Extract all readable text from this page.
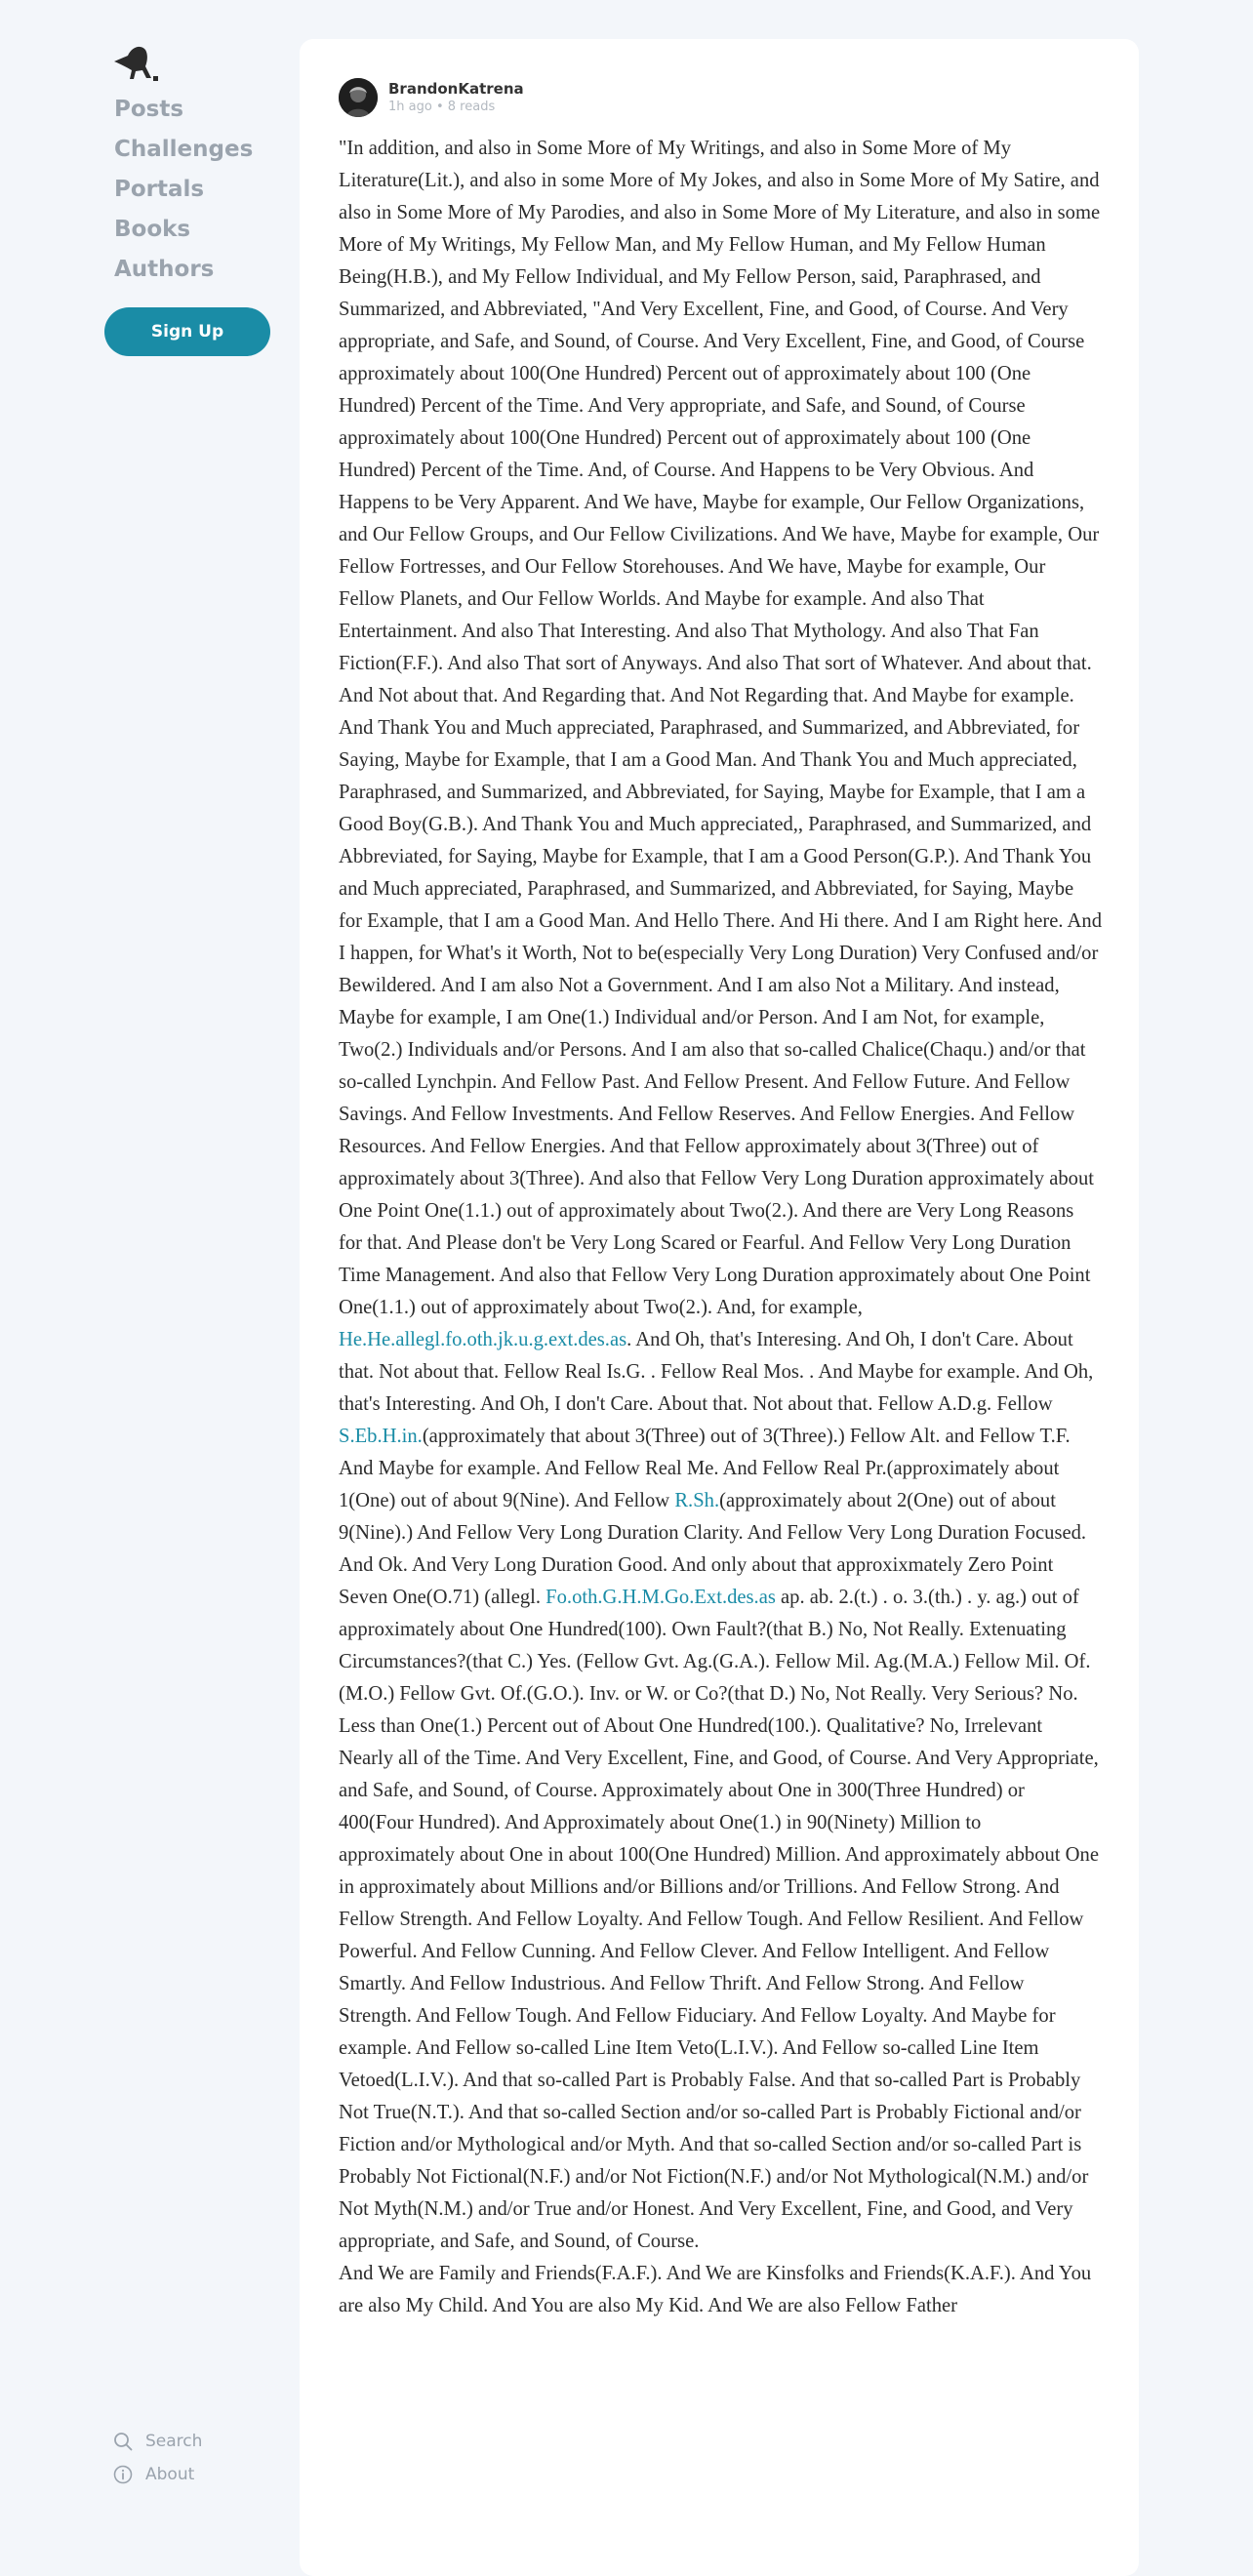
Posts
Challenges
Portals
Books
Authors
Sign Up
Search
About
BrandonKatrena
1h ago • 8 reads

"In addition, and also in Some More of My Writings, and also in Some More of My Literature(Lit.), and also in some More of My Jokes, and also in Some More of My Satire, and also in Some More of My Parodies, and also in Some More of My Literature, and also in some More of My Writings, My Fellow Man, and My Fellow Human, and My Fellow Human Being(H.B.), and My Fellow Individual, and My Fellow Person, said, Paraphrased, and Summarized, and Abbreviated, "And Very Excellent, Fine, and Good, of Course. And Very appropriate, and Safe, and Sound, of Course. And Very Excellent, Fine, and Good, of Course approximately about 100(One Hundred) Percent out of approximately about 100 (One Hundred) Percent of the Time. And Very appropriate, and Safe, and Sound, of Course approximately about 100(One Hundred) Percent out of approximately about 100 (One Hundred) Percent of the Time. And, of Course. And Happens to be Very Obvious. And Happens to be Very Apparent. And We have, Maybe for example, Our Fellow Organizations, and Our Fellow Groups, and Our Fellow Civilizations. And We have, Maybe for example, Our Fellow Fortresses, and Our Fellow Storehouses. And We have, Maybe for example, Our Fellow Planets, and Our Fellow Worlds. And Maybe for example. And also That Entertainment. And also That Interesting. And also That Mythology. And also That Fan Fiction(F.F.). And also That sort of Anyways. And also That sort of Whatever. And about that. And Not about that. And Regarding that. And Not Regarding that. And Maybe for example. And Thank You and Much appreciated, Paraphrased, and Summarized, and Abbreviated, for Saying, Maybe for Example, that I am a Good Man. And Thank You and Much appreciated, Paraphrased, and Summarized, and Abbreviated, for Saying, Maybe for Example, that I am a Good Boy(G.B.). And Thank You and Much appreciated,, Paraphrased, and Summarized, and Abbreviated, for Saying, Maybe for Example, that I am a Good Person(G.P.). And Thank You and Much appreciated, Paraphrased, and Summarized, and Abbreviated, for Saying, Maybe for Example, that I am a Good Man. And Hello There. And Hi there. And I am Right here. And I happen, for What's it Worth, Not to be(especially Very Long Duration) Very Confused and/or Bewildered. And I am also Not a Government. And I am also Not a Military. And instead, Maybe for example, I am One(1.) Individual and/or Person. And I am Not, for example, Two(2.) Individuals and/or Persons. And I am also that so-called Chalice(Chaqu.) and/or that so-called Lynchpin. And Fellow Past. And Fellow Present. And Fellow Future. And Fellow Savings. And Fellow Investments. And Fellow Reserves. And Fellow Energies. And Fellow Resources. And Fellow Energies. And that Fellow approximately about 3(Three) out of approximately about 3(Three). And also that Fellow Very Long Duration approximately about One Point One(1.1.) out of approximately about Two(2.). And there are Very Long Reasons for that. And Please don't be Very Long Scared or Fearful. And Fellow Very Long Duration Time Management. And also that Fellow Very Long Duration approximately about One Point One(1.1.) out of approximately about Two(2.). And, for example, He.He.allegl.fo.oth.jk.u.g.ext.des.as. And Oh, that's Interesing. And Oh, I don't Care. About that. Not about that. Fellow Real Is.G. . Fellow Real Mos. . And Maybe for example. And Oh, that's Interesting. And Oh, I don't Care. About that. Not about that. Fellow A.D.g. Fellow S.Eb.H.in.(approximately that about 3(Three) out of 3(Three).) Fellow Alt. and Fellow T.F. And Maybe for example. And Fellow Real Me. And Fellow Real Pr.(approximately about 1(One) out of about 9(Nine). And Fellow R.Sh.(approximately about 2(One) out of about 9(Nine).) And Fellow Very Long Duration Clarity. And Fellow Very Long Duration Focused. And Ok. And Very Long Duration Good. And only about that approxixmately Zero Point Seven One(O.71) (allegl. Fo.oth.G.H.M.Go.Ext.des.as ap. ab. 2.(t.) . o. 3.(th.) . y. ag.) out of approximately about One Hundred(100). Own Fault?(that B.) No, Not Really. Extenuating Circumstances?(that C.) Yes. (Fellow Gvt. Ag.(G.A.). Fellow Mil. Ag.(M.A.) Fellow Mil. Of.(M.O.) Fellow Gvt. Of.(G.O.). Inv. or W. or Co?(that D.) No, Not Really. Very Serious? No. Less than One(1.) Percent out of About One Hundred(100.). Qualitative? No, Irrelevant Nearly all of the Time. And Very Excellent, Fine, and Good, of Course. And Very Appropriate, and Safe, and Sound, of Course. Approximately about One in 300(Three Hundred) or 400(Four Hundred). And Approximately about One(1.) in 90(Ninety) Million to approximately about One in about 100(One Hundred) Million. And approximately abbout One in approximately about Millions and/or Billions and/or Trillions. And Fellow Strong. And Fellow Strength. And Fellow Loyalty. And Fellow Tough. And Fellow Resilient. And Fellow Powerful. And Fellow Cunning. And Fellow Clever. And Fellow Intelligent. And Fellow Smartly. And Fellow Industrious. And Fellow Thrift. And Fellow Strong. And Fellow Strength. And Fellow Tough. And Fellow Fiduciary. And Fellow Loyalty. And Maybe for example. And Fellow so-called Line Item Veto(L.I.V.). And Fellow so-called Line Item Vetoed(L.I.V.). And that so-called Part is Probably False. And that so-called Part is Probably Not True(N.T.). And that so-called Section and/or so-called Part is Probably Fictional and/or Fiction and/or Mythological and/or Myth. And that so-called Section and/or so-called Part is Probably Not Fictional(N.F.) and/or Not Fiction(N.F.) and/or Not Mythological(N.M.) and/or Not Myth(N.M.) and/or True and/or Honest. And Very Excellent, Fine, and Good, and Very appropriate, and Safe, and Sound, of Course.

And We are Family and Friends(F.A.F.). And We are Kinsfolks and Friends(K.A.F.). And You are also My Child. And You are also My Kid. And We are also Fellow Father
